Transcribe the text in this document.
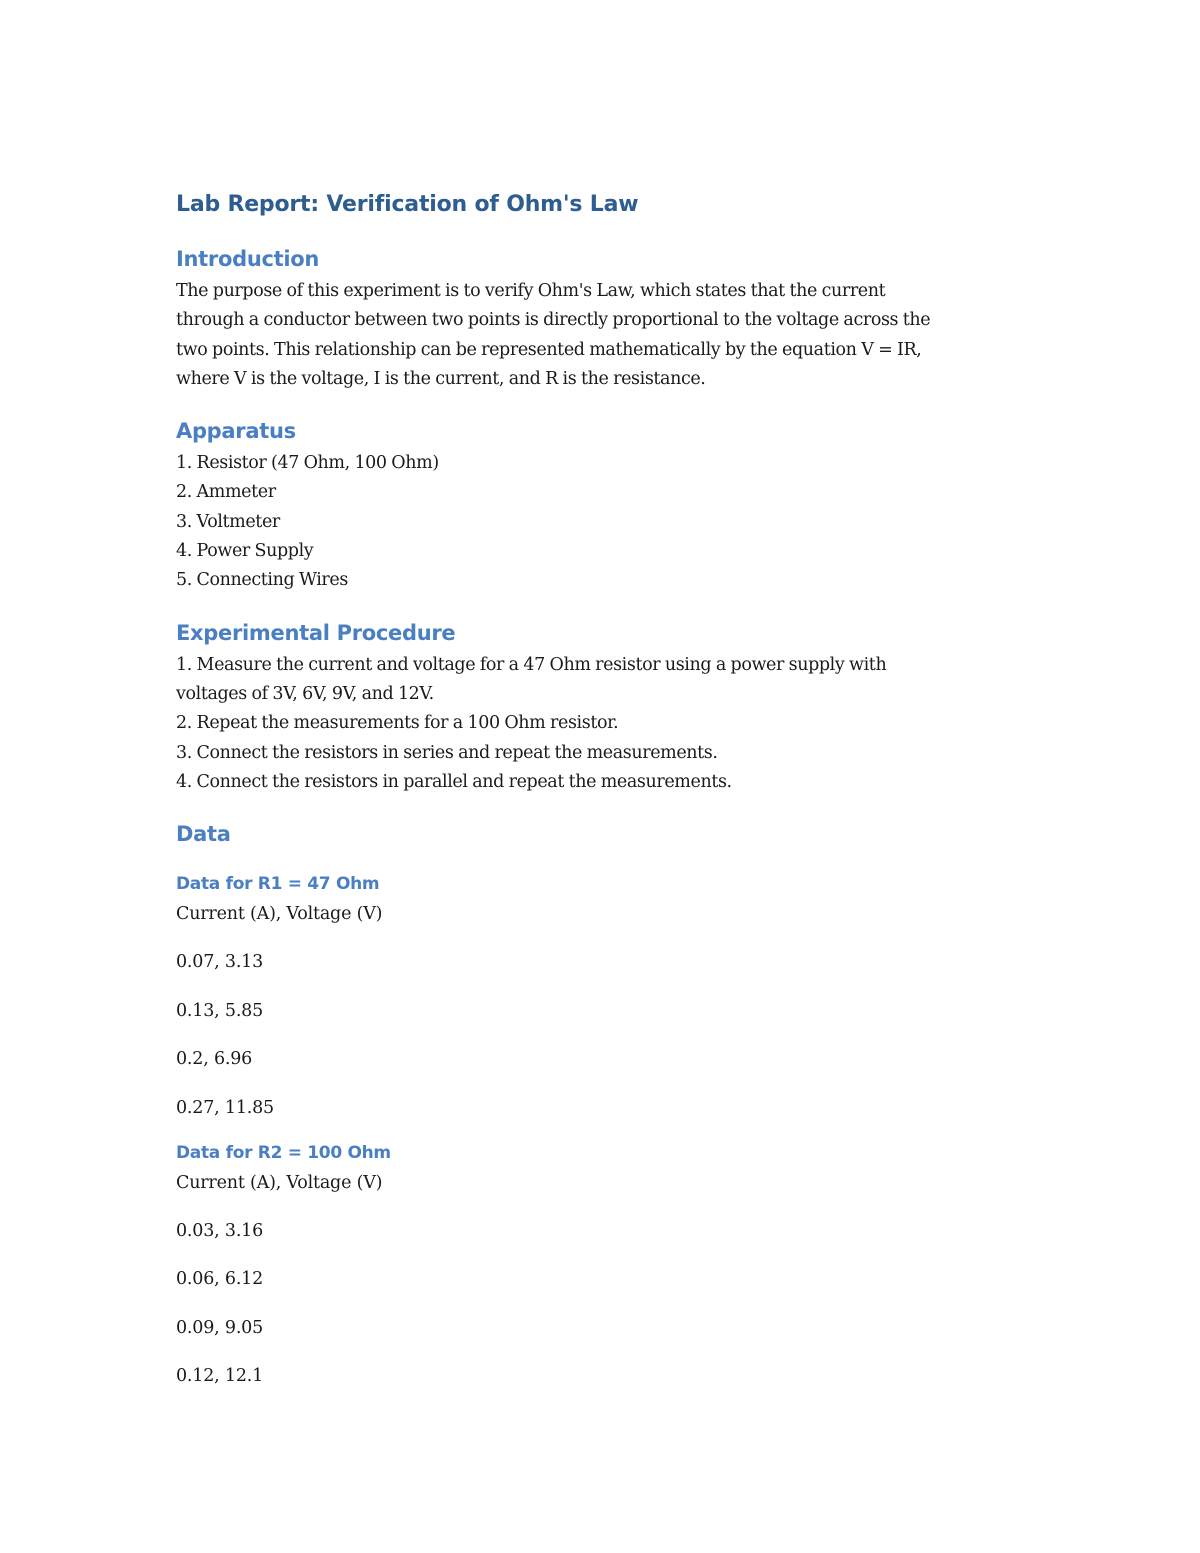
Lab Report: Verification of Ohm's Law
Introduction

The purpose of this experiment is to verify Ohm's Law, which states that the current

through a conductor between two points is directly proportional to the voltage across the

two points. This relationship can be represented mathematically by the equation V = IR,

where V is the voltage, I is the current, and R is the resistance.

Apparatus
1. Resistor (47 Ohm, 100 Ohm)
2. Ammeter
3. Voltmeter
4. Power Supply
5. Connecting Wires
Experimental Procedure

1. Measure the current and voltage for a 47 Ohm resistor using a power supply with

voltages of 3V, 6V, 9V, and 12V.

2. Repeat the measurements for a 100 Ohm resistor.

3. Connect the resistors in series and repeat the measurements.

4. Connect the resistors in parallel and repeat the measurements.

Data
Data for R1 = 47 Ohm

Current (A), Voltage (V)

0.07, 3.13

0.13, 5.85

0.2, 6.96

0.27, 11.85

Data for R2 = 100 Ohm

Current (A), Voltage (V)

0.03, 3.16

0.06, 6.12

0.09, 9.05

0.12, 12.1
